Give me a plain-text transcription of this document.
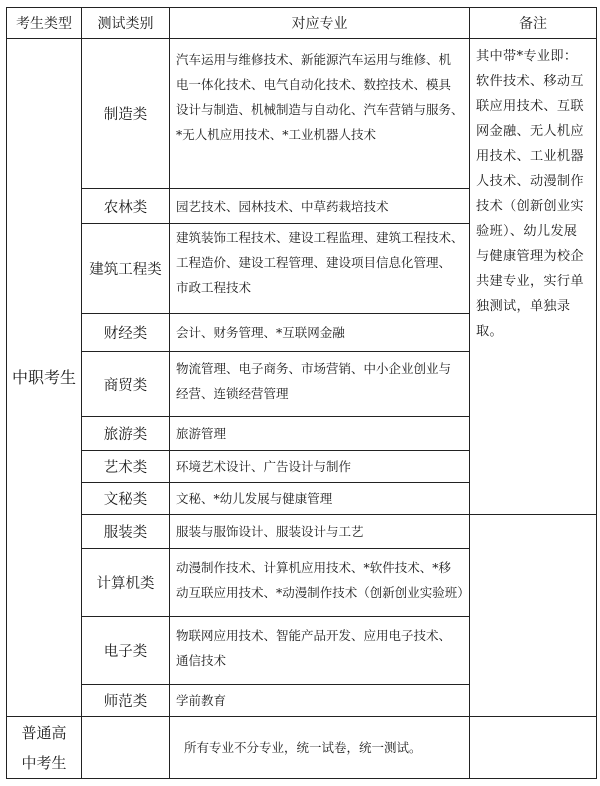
考生类型	测试类别	对应专业	备注
中职考生	制造类	汽车运用与维修技术、新能源汽车运用与维修、机
电一体化技术、电气自动化技术、数控技术、模具
设计与制造、机械制造与自动化、汽车营销与服务、
*无人机应用技术、*工业机器人技术	其中带*专业即：软件技术、移动互联应用技术、互联网金融、无人机应用技术、工业机器人技术、动漫制作技术（创新创业实验班）、幼儿发展与健康管理为校企共建专业，实行单独测试，单独录取。
	农林类	园艺技术、园林技术、中草药栽培技术	

	建筑工程类	建筑装饰工程技术、建设工程监理、建筑工程技术、
工程造价、建设工程管理、建设项目信息化管理、
市政工程技术	

	财经类	会计、财务管理、*互联网金融	

	商贸类	物流管理、电子商务、市场营销、中小企业创业与
经营、连锁经营管理	

	旅游类	旅游管理	

	艺术类	环境艺术设计、广告设计与制作	

	文秘类	文秘、*幼儿发展与健康管理	

	服装类	服装与服饰设计、服装设计与工艺	

	计算机类	动漫制作技术、计算机应用技术、*软件技术、*移
动互联应用技术、*动漫制作技术（创新创业实验班）	

	电子类	物联网应用技术、智能产品开发、应用电子技术、
通信技术	

	师范类	学前教育	

普通高
中考生		所有专业不分专业，统一试卷，统一测试。	
